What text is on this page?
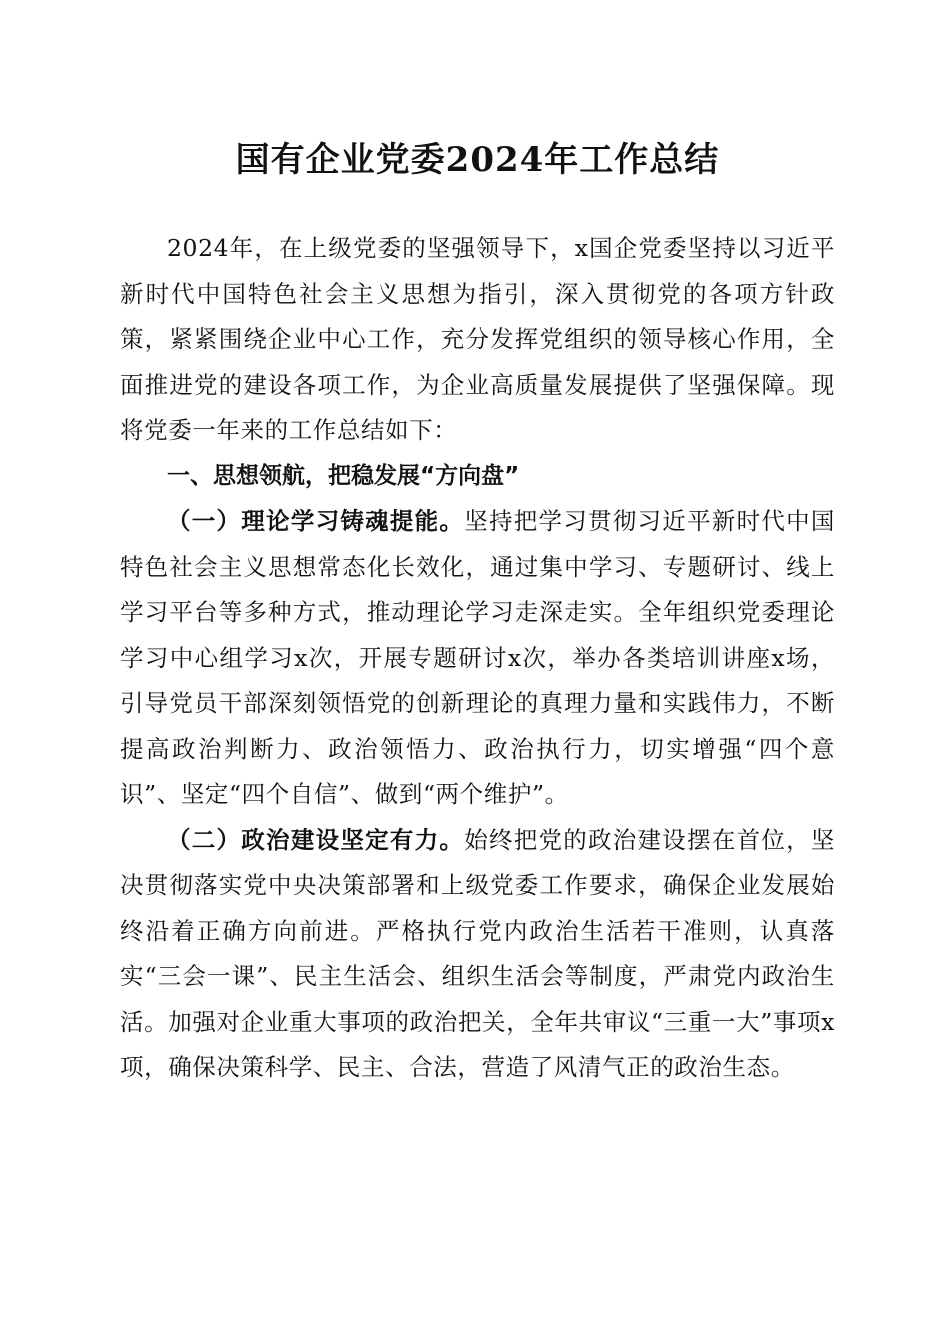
国有企业党委2024年工作总结

2024年，在上级党委的坚强领导下，x国企党委坚持以习近平新时代中国特色社会主义思想为指引，深入贯彻党的各项方针政策，紧紧围绕企业中心工作，充分发挥党组织的领导核心作用，全面推进党的建设各项工作，为企业高质量发展提供了坚强保障。现将党委一年来的工作总结如下：

一、思想领航，把稳发展“方向盘”

（一）理论学习铸魂提能。坚持把学习贯彻习近平新时代中国特色社会主义思想常态化长效化，通过集中学习、专题研讨、线上学习平台等多种方式，推动理论学习走深走实。全年组织党委理论学习中心组学习x次，开展专题研讨x次，举办各类培训讲座x场，引导党员干部深刻领悟党的创新理论的真理力量和实践伟力，不断提高政治判断力、政治领悟力、政治执行力，切实增强“四个意识”、坚定“四个自信”、做到“两个维护”。

（二）政治建设坚定有力。始终把党的政治建设摆在首位，坚决贯彻落实党中央决策部署和上级党委工作要求，确保企业发展始终沿着正确方向前进。严格执行党内政治生活若干准则，认真落实“三会一课”、民主生活会、组织生活会等制度，严肃党内政治生活。加强对企业重大事项的政治把关，全年共审议“三重一大”事项x项，确保决策科学、民主、合法，营造了风清气正的政治生态。
